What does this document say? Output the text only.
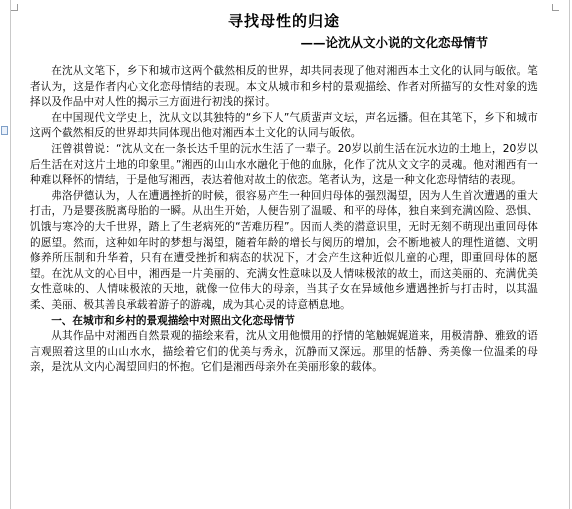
寻找母性的归途
——论沈从文小说的文化恋母情节

在沈从文笔下，乡下和城市这两个截然相反的世界，却共同表现了他对湘西本土文化的认同与皈依。笔者认为，这是作者内心文化恋母情结的表现。本文从城市和乡村的景观描绘、作者对所描写的女性对象的选择以及作品中对人性的揭示三方面进行初浅的探讨。

在中国现代文学史上，沈从文以其独特的“乡下人”气质蜚声文坛，声名远播。但在其笔下，乡下和城市这两个截然相反的世界却共同体现出他对湘西本土文化的认同与皈依。

汪曾祺曾说：“沈从文在一条长达千里的沅水生活了一辈子。20岁以前生活在沅水边的土地上，20岁以后生活在对这片土地的印象里。”湘西的山山水水融化于他的血脉，化作了沈从文文字的灵魂。他对湘西有一种难以释怀的情结，于是他写湘西，表达着他对故土的依恋。笔者认为，这是一种文化恋母情结的表现。

弗洛伊德认为，人在遭遇挫折的时候，很容易产生一种回归母体的强烈渴望，因为人生首次遭遇的重大打击，乃是婴孩脱离母胎的一瞬。从出生开始，人便告别了温暖、和平的母体，独自来到充满凶险、恐惧、饥饿与寒冷的大千世界，踏上了生老病死的“苦难历程”。因而人类的潜意识里，无时无刻不萌现出重回母体的愿望。然而，这种如年时的梦想与渴望，随着年龄的增长与阅历的增加，会不断地被人的理性道德、文明修养所压制和升华着，只有在遭受挫折和病态的状况下，才会产生这种近似儿童的心理，即重回母体的愿望。在沈从文的心目中，湘西是一片美丽的、充满女性意味以及人情味极浓的故土，而这美丽的、充满优美女性意味的、人情味极浓的天地，就像一位伟大的母亲，当其子女在异域他乡遭遇挫折与打击时，以其温柔、美丽、极其善良承载着游子的游魂，成为其心灵的诗意栖息地。

一、在城市和乡村的景观描绘中对照出文化恋母情节

从其作品中对湘西自然景观的描绘来看，沈从文用他惯用的抒情的笔触娓娓道来，用极清静、雅致的语言观照着这里的山山水水，描绘着它们的优美与秀永，沉静而又深远。那里的恬静、秀美像一位温柔的母亲，是沈从文内心渴望回归的怀抱。它们是湘西母亲外在美丽形象的载体。
